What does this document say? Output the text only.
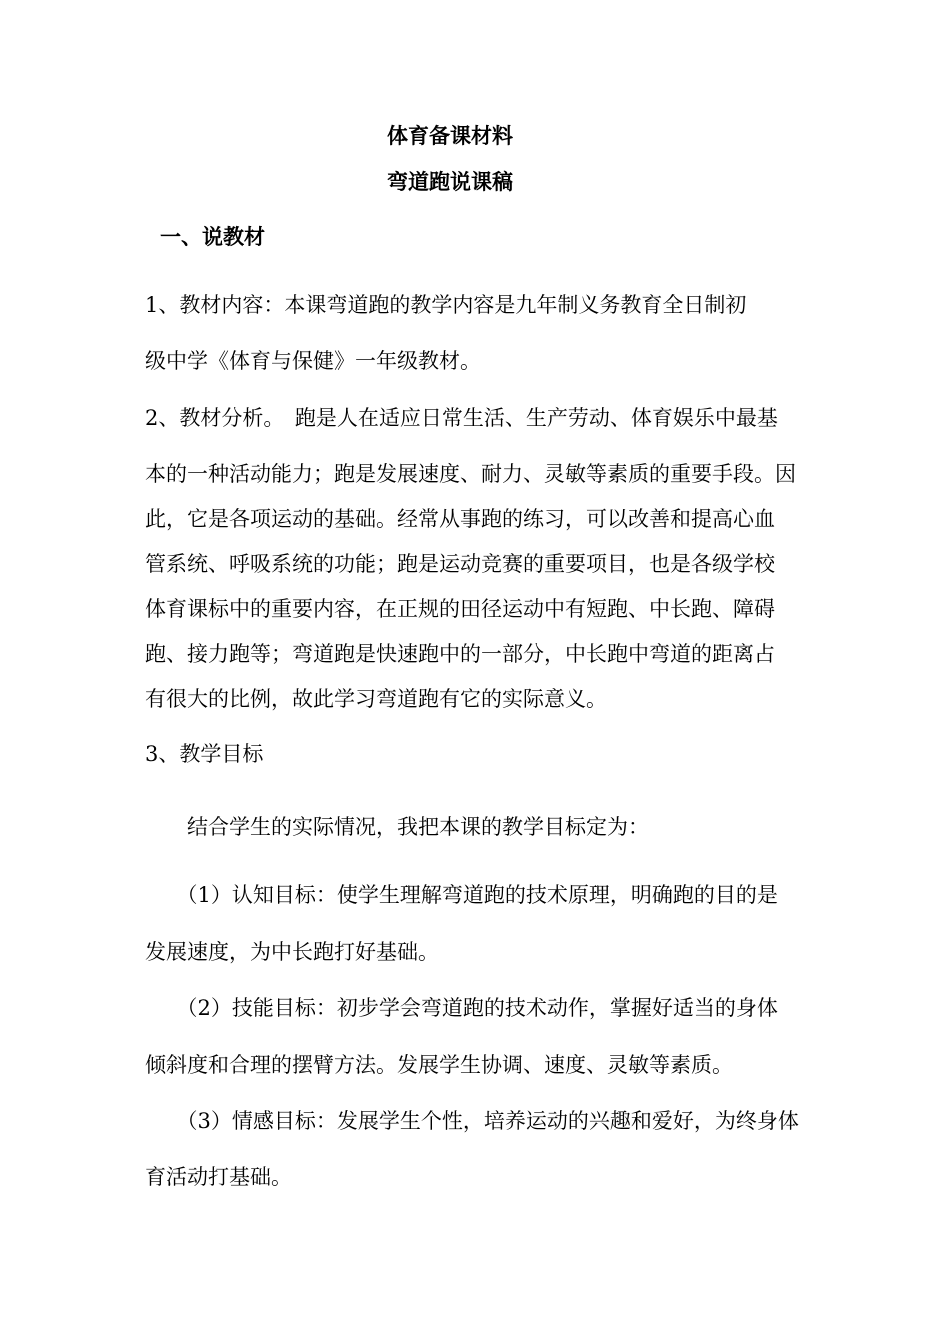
体育备课材料
弯道跑说课稿
一、说教材
1、教材内容：本课弯道跑的教学内容是九年制义务教育全日制初
级中学《体育与保健》一年级教材。
2、教材分析。　跑是人在适应日常生活、生产劳动、体育娱乐中最基
本的一种活动能力；跑是发展速度、耐力、灵敏等素质的重要手段。因
此，它是各项运动的基础。经常从事跑的练习，可以改善和提高心血
管系统、呼吸系统的功能；跑是运动竞赛的重要项目，也是各级学校
体育课标中的重要内容，在正规的田径运动中有短跑、中长跑、障碍
跑、接力跑等；弯道跑是快速跑中的一部分，中长跑中弯道的距离占
有很大的比例，故此学习弯道跑有它的实际意义。
3、教学目标
　　结合学生的实际情况，我把本课的教学目标定为：
　　（1）认知目标：使学生理解弯道跑的技术原理，明确跑的目的是
发展速度，为中长跑打好基础。
　　（2）技能目标：初步学会弯道跑的技术动作，掌握好适当的身体
倾斜度和合理的摆臂方法。发展学生协调、速度、灵敏等素质。
　　（3）情感目标：发展学生个性，培养运动的兴趣和爱好，为终身体
育活动打基础。
